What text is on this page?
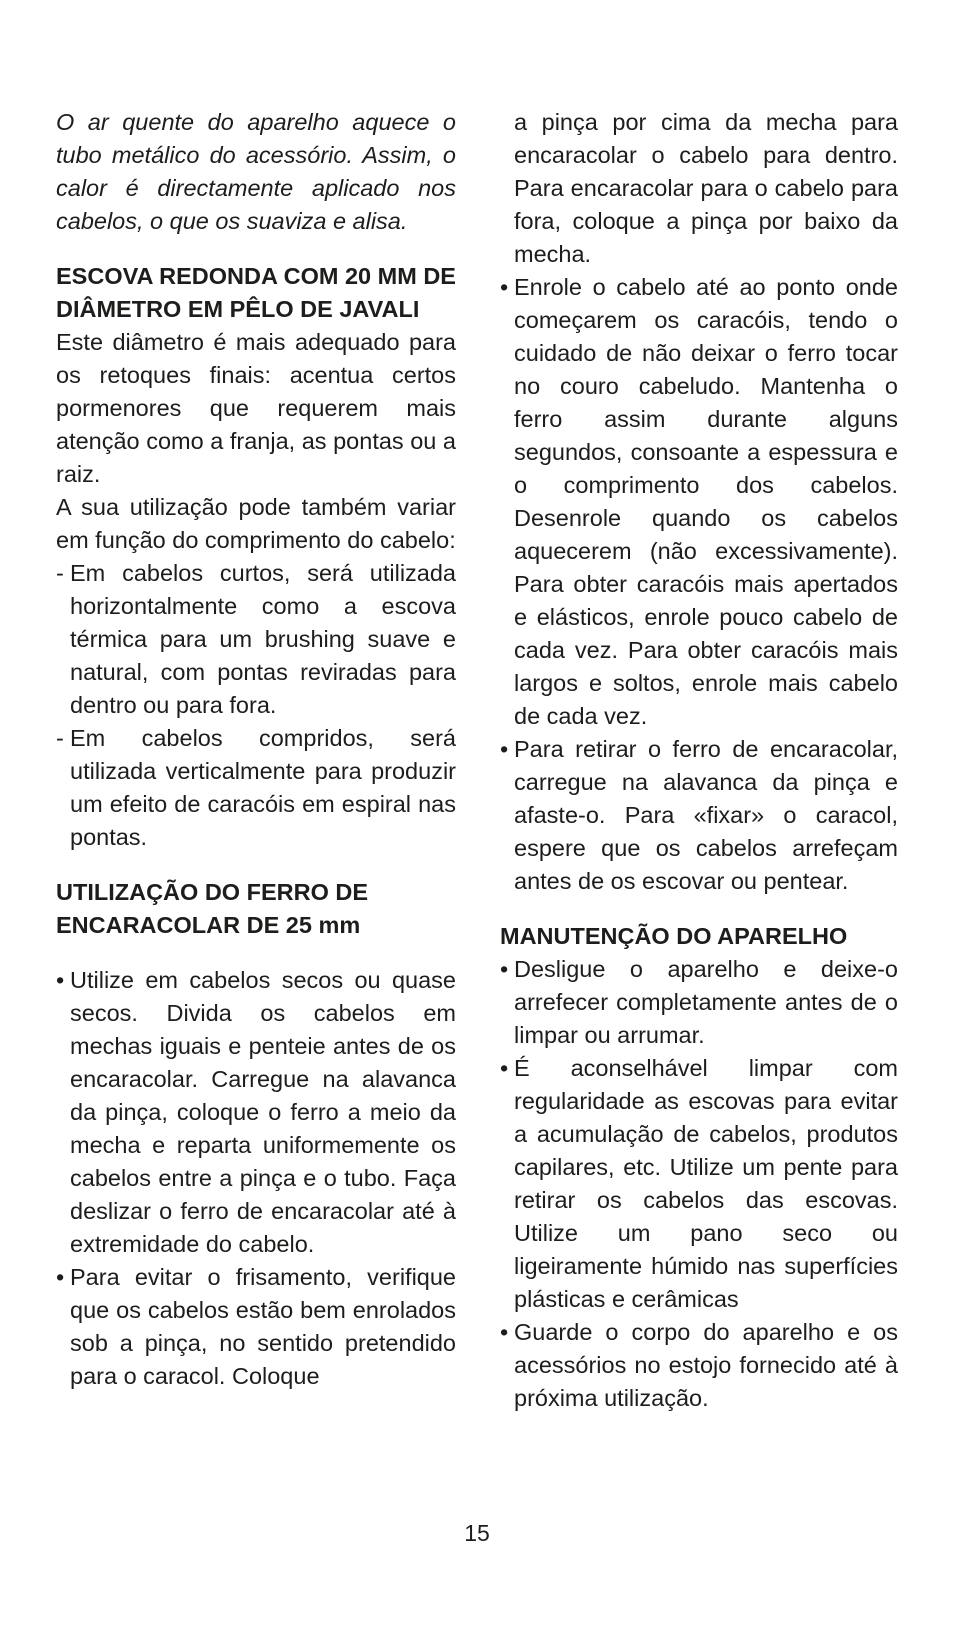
O ar quente do aparelho aquece o tubo metálico do acessório. Assim, o calor é directamente aplicado nos cabelos, o que os suaviza e alisa.

ESCOVA REDONDA COM 20 MM DE DIÂMETRO EM PÊLO DE JAVALI

Este diâmetro é mais adequado para os retoques finais: acentua certos pormenores que requerem mais atenção como a franja, as pontas ou a raiz.

A sua utilização pode também variar em função do comprimento do cabelo:

- Em cabelos curtos, será utilizada horizontalmente como a escova térmica para um brushing suave e natural, com pontas reviradas para dentro ou para fora.
- Em cabelos compridos, será utilizada verticalmente para produzir um efeito de caracóis em espiral nas pontas.
UTILIZAÇÃO DO FERRO DE ENCARACOLAR DE 25 mm
• Utilize em cabelos secos ou quase secos. Divida os cabelos em mechas iguais e penteie antes de os encaracolar. Carregue na alavanca da pinça, coloque o ferro a meio da mecha e reparta uniformemente os cabelos entre a pinça e o tubo. Faça deslizar o ferro de encaracolar até à extremidade do cabelo.
• Para evitar o frisamento, verifique que os cabelos estão bem enrolados sob a pinça, no sentido pretendido para o caracol. Coloque

a pinça por cima da mecha para encaracolar o cabelo para dentro. Para encaracolar para o cabelo para fora, coloque a pinça por baixo da mecha.

• Enrole o cabelo até ao ponto onde começarem os caracóis, tendo o cuidado de não deixar o ferro tocar no couro cabeludo. Mantenha o ferro assim durante alguns segundos, consoante a espessura e o comprimento dos cabelos. Desenrole quando os cabelos aquecerem (não excessivamente). Para obter caracóis mais apertados e elásticos, enrole pouco cabelo de cada vez. Para obter caracóis mais largos e soltos, enrole mais cabelo de cada vez.
• Para retirar o ferro de encaracolar, carregue na alavanca da pinça e afaste-o. Para «fixar» o caracol, espere que os cabelos arrefeçam antes de os escovar ou pentear.
MANUTENÇÃO DO APARELHO
• Desligue o aparelho e deixe-o arrefecer completamente antes de o limpar ou arrumar.
• É aconselhável limpar com regularidade as escovas para evitar a acumulação de cabelos, produtos capilares, etc. Utilize um pente para retirar os cabelos das escovas. Utilize um pano seco ou ligeiramente húmido nas superfícies plásticas e cerâmicas
• Guarde o corpo do aparelho e os acessórios no estojo fornecido até à próxima utilização.
15
